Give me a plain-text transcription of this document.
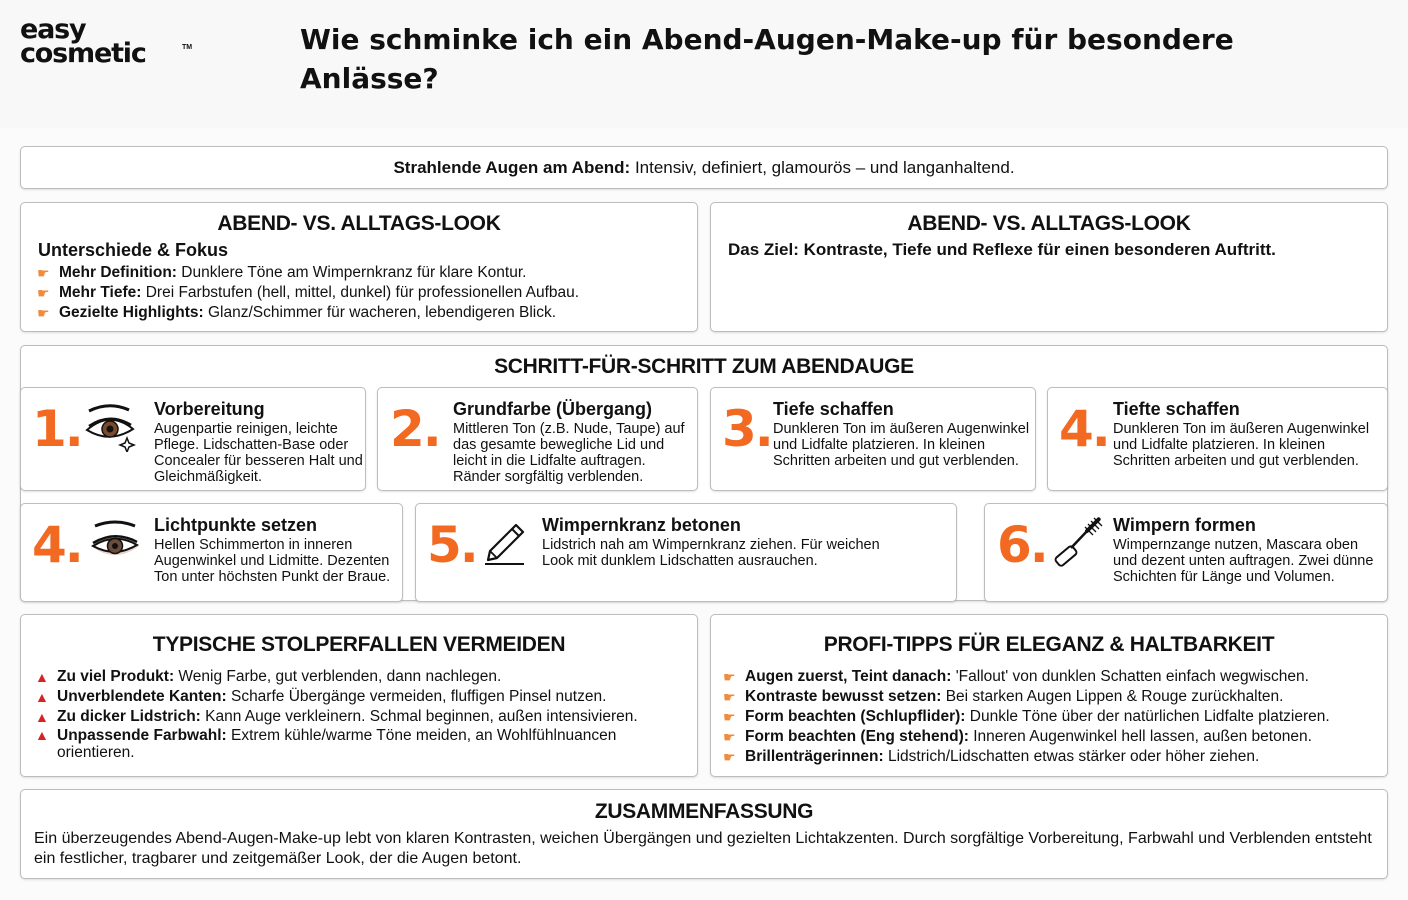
easy
cosmetic	TM	Wie schminke ich ein Abend-Augen-Make-up für besondere Anlässe?
Strahlende Augen am Abend: Intensiv, definiert, glamourös – und langanhaltend.
ABEND- VS. ALLTAGS-LOOK
Unterschiede & Fokus
☛ Mehr Definition: Dunklere Töne am Wimpernkranz für klare Kontur.
☛ Mehr Tiefe: Drei Farbstufen (hell, mittel, dunkel) für professionellen Aufbau.
☛ Gezielte Highlights: Glanz/Schimmer für wacheren, lebendigeren Blick.
ABEND- VS. ALLTAGS-LOOK
Das Ziel: Kontraste, Tiefe und Reflexe für einen besonderen Auftritt.
SCHRITT-FÜR-SCHRITT ZUM ABENDAUGE
1.	Vorbereitung
Augenpartie reinigen, leichte Pflege. Lidschatten-Base oder Concealer für besseren Halt und Gleichmäßigkeit.
2. Grundfarbe (Übergang)
Mittleren Ton (z.B. Nude, Taupe) auf das gesamte bewegliche Lid und leicht in die Lidfalte auftragen. Ränder sorgfältig verblenden.
3. Tiefe schaffen
Dunkleren Ton im äußeren Augenwinkel und Lidfalte platzieren. In kleinen Schritten arbeiten und gut verblenden.
4. Tiefte schaffen
Dunkleren Ton im äußeren Augenwinkel und Lidfalte platzieren. In kleinen Schritten arbeiten und gut verblenden.
4.	Lichtpunkte setzen
Hellen Schimmerton in inneren Augenwinkel und Lidmitte. Dezenten Ton unter höchsten Punkt der Braue.
5.	Wimpernkranz betonen
Lidstrich nah am Wimpernkranz ziehen. Für weichen Look mit dunklem Lidschatten ausrauchen.	6.	Wimpern formen
Wimpernzange nutzen, Mascara oben und dezent unten auftragen. Zwei dünne Schichten für Länge und Volumen.
TYPISCHE STOLPERFALLEN VERMEIDEN
▲ Zu viel Produkt: Wenig Farbe, gut verblenden, dann nachlegen.
▲ Unverblendete Kanten: Scharfe Übergänge vermeiden, fluffigen Pinsel nutzen.
▲ Zu dicker Lidstrich: Kann Auge verkleinern. Schmal beginnen, außen intensivieren.
▲ Unpassende Farbwahl: Extrem kühle/warme Töne meiden, an Wohlfühlnuancen orientieren.
PROFI-TIPPS FÜR ELEGANZ & HALTBARKEIT
☛ Augen zuerst, Teint danach: 'Fallout' von dunklen Schatten einfach wegwischen.
☛ Kontraste bewusst setzen: Bei starken Augen Lippen & Rouge zurückhalten.
☛ Form beachten (Schlupflider): Dunkle Töne über der natürlichen Lidfalte platzieren.
☛ Form beachten (Eng stehend): Inneren Augenwinkel hell lassen, außen betonen.
☛ Brillenträgerinnen: Lidstrich/Lidschatten etwas stärker oder höher ziehen.
ZUSAMMENFASSUNG
Ein überzeugendes Abend-Augen-Make-up lebt von klaren Kontrasten, weichen Übergängen und gezielten Lichtakzenten. Durch sorgfältige Vorbereitung, Farbwahl und Verblenden entsteht ein festlicher, tragbarer und zeitgemäßer Look, der die Augen betont.
